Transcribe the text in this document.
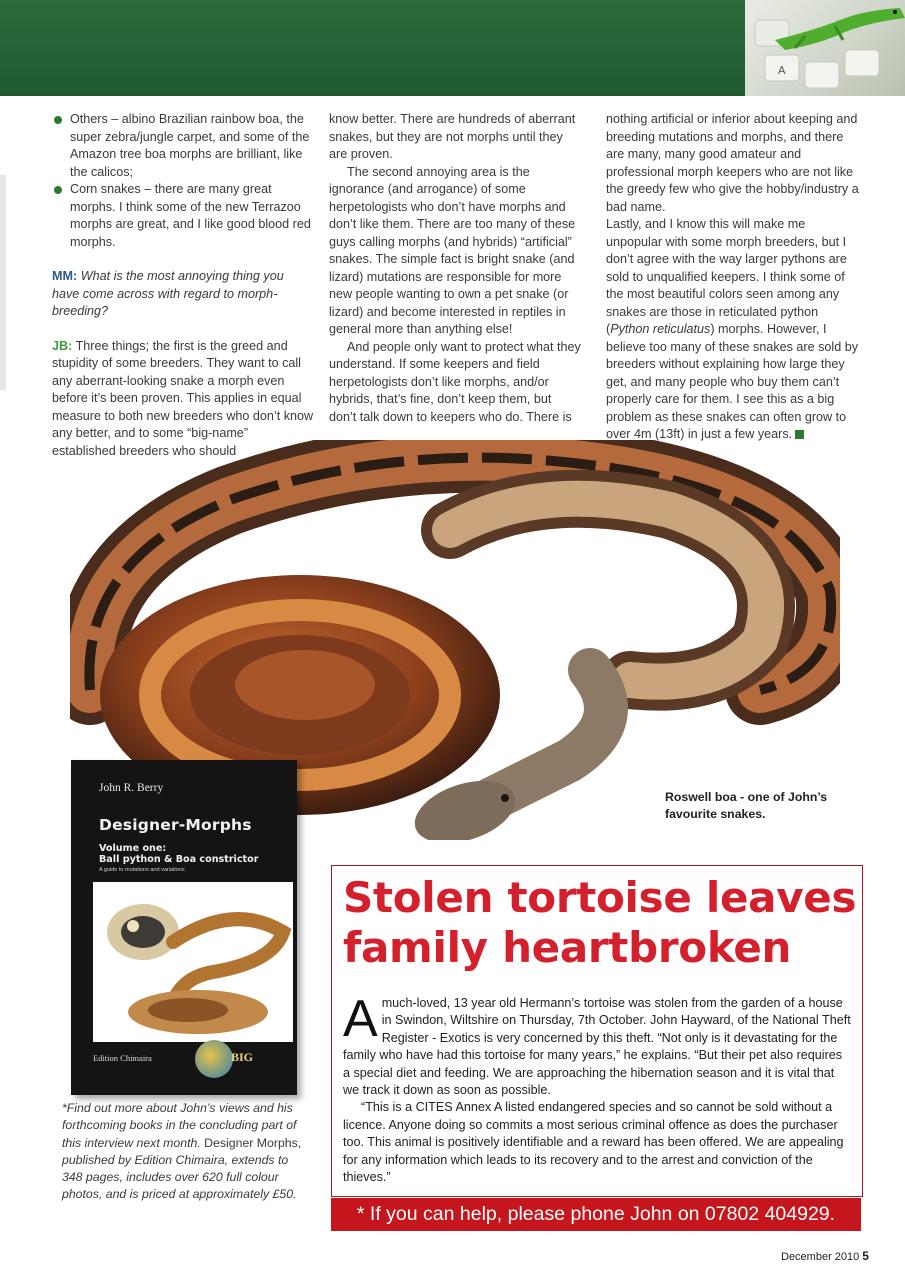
A
Others – albino Brazilian rainbow boa, the super zebra/jungle carpet, and some of the Amazon tree boa morphs are brilliant, like the calicos;
Corn snakes – there are many great morphs. I think some of the new Terrazoo morphs are great, and I like good blood red morphs.

MM: What is the most annoying thing you have come across with regard to morph-breeding?

JB: Three things; the first is the greed and stupidity of some breeders. They want to call any aberrant-looking snake a morph even before it’s been proven. This applies in equal measure to both new breeders who don’t know any better, and to some “big-name” established breeders who should

know better. There are hundreds of aberrant snakes, but they are not morphs until they are proven.

The second annoying area is the ignorance (and arrogance) of some herpetologists who don’t have morphs and don’t like them. There are too many of these guys calling morphs (and hybrids) “artificial” snakes. The simple fact is bright snake (and lizard) mutations are responsible for more new people wanting to own a pet snake (or lizard) and become interested in reptiles in general more than anything else!

And people only want to protect what they understand. If some keepers and field herpetologists don’t like morphs, and/or hybrids, that’s fine, don’t keep them, but don’t talk down to keepers who do. There is

nothing artificial or inferior about keeping and breeding mutations and morphs, and there are many, many good amateur and professional morph keepers who are not like the greedy few who give the hobby/industry a bad name.

Lastly, and I know this will make me unpopular with some morph breeders, but I don’t agree with the way larger pythons are sold to unqualified keepers. I think some of the most beautiful colors seen among any snakes are those in reticulated python (Python reticulatus) morphs. However, I believe too many of these snakes are sold by breeders without explaining how large they get, and many people who buy them can’t properly care for them. I see this as a big problem as these snakes can often grow to over 4m (13ft) in just a few years.

Roswell boa - one of John’s favourite snakes.
John R. Berry
Designer-Morphs
Volume one:
Ball python & Boa constrictor
A guide to mutations and variations
Edition Chimaira	BIG
*Find out more about John’s views and his forthcoming books in the concluding part of this interview next month. Designer Morphs, published by Edition Chimaira, extends to 348 pages, includes over 620 full colour photos, and is priced at approximately £50.
Stolen tortoise leaves family heartbroken

Amuch-loved, 13 year old Hermann’s tortoise was stolen from the garden of a house in Swindon, Wiltshire on Thursday, 7th October. John Hayward, of the National Theft Register - Exotics is very concerned by this theft. “Not only is it devastating for the family who have had this tortoise for many years,” he explains. “But their pet also requires a special diet and feeding. We are approaching the hibernation season and it is vital that we track it down as soon as possible.

“This is a CITES Annex A listed endangered species and so cannot be sold without a licence. Anyone doing so commits a most serious criminal offence as does the purchaser too. This animal is positively identifiable and a reward has been offered. We are appealing for any information which leads to its recovery and to the arrest and conviction of the thieves.”

* If you can help, please phone John on 07802 404929.
December 2010 5
